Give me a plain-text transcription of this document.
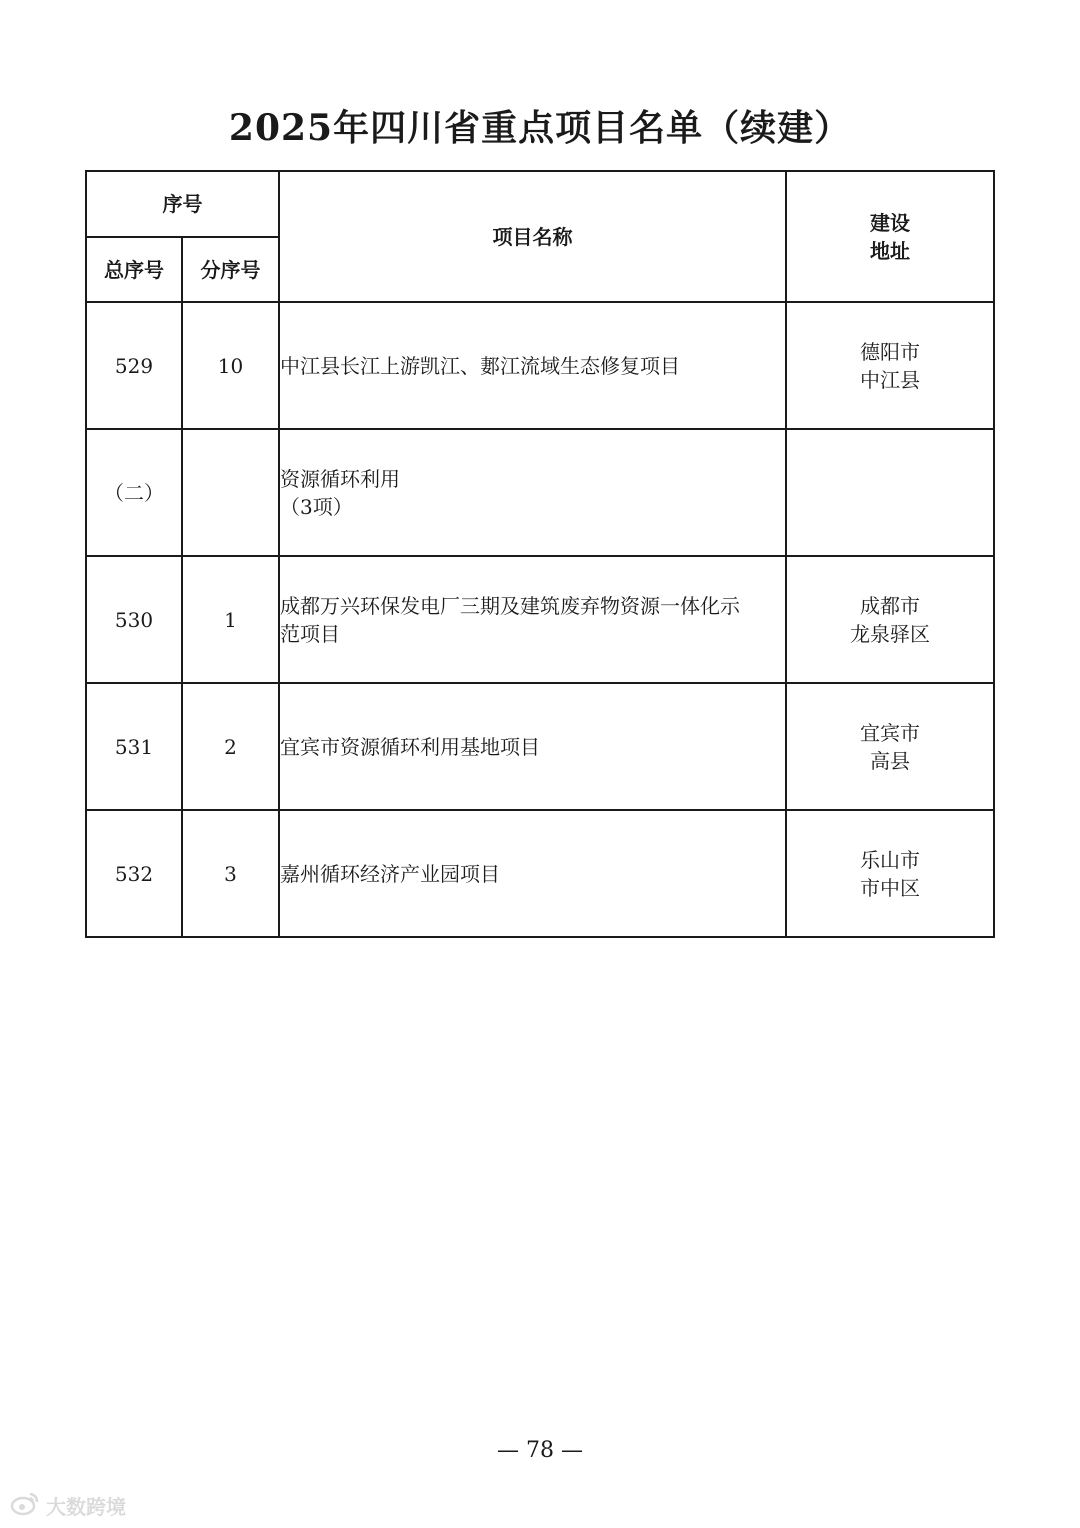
2025年四川省重点项目名单（续建）
序号		项目名称	建设
地址

总序号	分序号		
529	10	中江县长江上游凯江、郪江流域生态修复项目	德阳市
中江县

（二）		资源循环利用
（3项）	

530	1	成都万兴环保发电厂三期及建筑废弃物资源一体化示
范项目	成都市
龙泉驿区

531	2	宜宾市资源循环利用基地项目	宜宾市
高县

532	3	嘉州循环经济产业园项目	乐山市
市中区
— 78 —
大数跨境
